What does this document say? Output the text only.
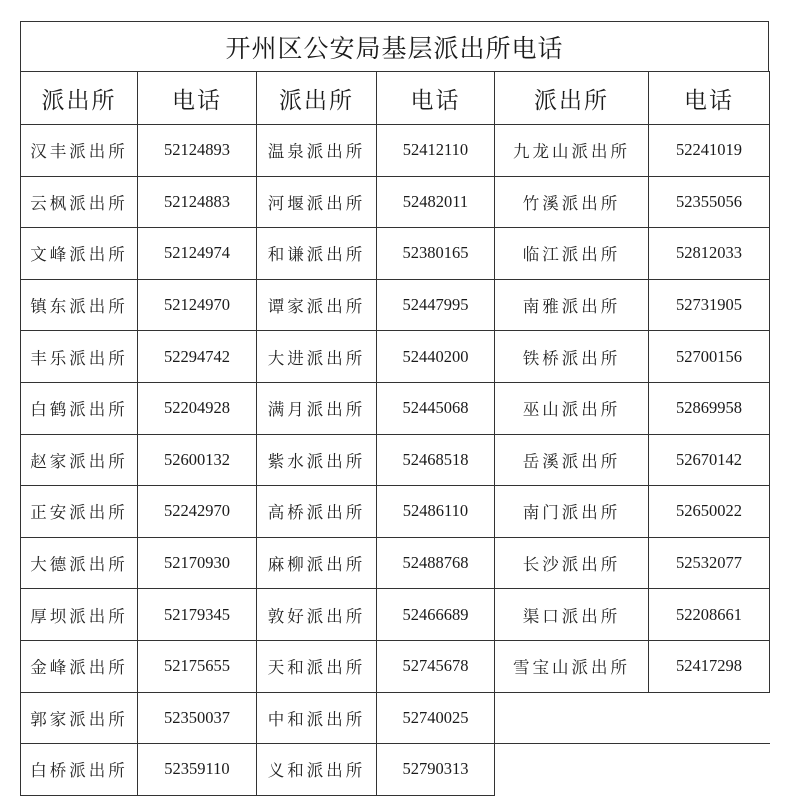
开州区公安局基层派出所电话
派出所	电话	派出所	电话	派出所	电话
汉丰派出所	52124893	温泉派出所	52412110	九龙山派出所	52241019
云枫派出所	52124883	河堰派出所	52482011	竹溪派出所	52355056
文峰派出所	52124974	和谦派出所	52380165	临江派出所	52812033
镇东派出所	52124970	谭家派出所	52447995	南雅派出所	52731905
丰乐派出所	52294742	大进派出所	52440200	铁桥派出所	52700156
白鹤派出所	52204928	满月派出所	52445068	巫山派出所	52869958
赵家派出所	52600132	紫水派出所	52468518	岳溪派出所	52670142
正安派出所	52242970	高桥派出所	52486110	南门派出所	52650022
大德派出所	52170930	麻柳派出所	52488768	长沙派出所	52532077
厚坝派出所	52179345	敦好派出所	52466689	渠口派出所	52208661
金峰派出所	52175655	天和派出所	52745678	雪宝山派出所	52417298
郭家派出所	52350037	中和派出所	52740025		
白桥派出所	52359110	义和派出所	52790313		
